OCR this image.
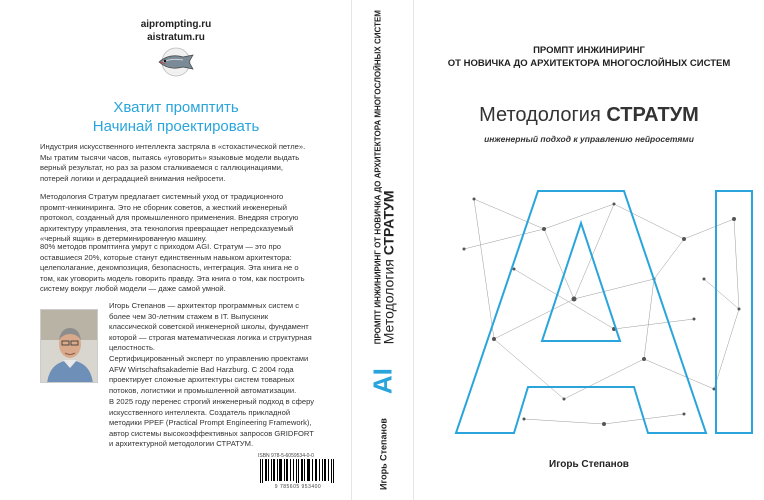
aiprompting.ru
aistratum.ru
Хватит промптить
Начинай проектировать

Индустрия искусственного интеллекта застряла в «стохастической петле». Мы тратим тысячи часов, пытаясь «уговорить» языковые модели выдать верный результат, но раз за разом сталкиваемся с галлюцинациями, потерей логики и деградацией внимания нейросети.

Методология Стратум предлагает системный уход от традиционного промпт-инжиниринга. Это не сборник советов, а жесткий инженерный протокол, созданный для промышленного применения. Внедряя строгую архитектуру управления, эта технология превращает непредсказуемый «черный ящик» в детерминированную машину.

80% методов промптинга умрут с приходом AGI. Стратум — это про оставшиеся 20%, которые станут единственным навыком архитектора: целеполагание, декомпозиция, безопасность, интеграция. Эта книга не о том, как уговорить модель говорить правду. Эта книга о том, как построить систему вокруг любой модели — даже самой умной.

Игорь Степанов — архитектор программных систем с более чем 30-летним стажем в IT. Выпускник классической советской инженерной школы, фундамент которой — строгая математическая логика и структурная целостность.

Сертифицированный эксперт по управлению проектами AFW Wirtschaftsakademie Bad Harzburg. С 2004 года проектирует сложные архитектуры систем товарных потоков, логистики и промышленной автоматизации.

В 2025 году перенес строгий инженерный подход в сферу искусственного интеллекта. Создатель прикладной методики PPEF (Practical Prompt Engineering Framework), автор системы высокоэффективных запросов GRIDFORT и архитектурной методологии СТРАТУМ.

ISBN 978-5-6059534-0-0
9 785605 953400	Игорь Степанов
AI
ПРОМПТ ИНЖИНИРИНГ ОТ НОВИЧКА ДО АРХИТЕКТОРА МНОГОСЛОЙНЫХ СИСТЕМ
Методология СТРАТУМ
ПРОМПТ ИНЖИНИРИНГ
ОТ НОВИЧКА ДО АРХИТЕКТОРА МНОГОСЛОЙНЫХ СИСТЕМ
Методология СТРАТУМ
инженерный подход к управлению нейросетями
Игорь Степанов
